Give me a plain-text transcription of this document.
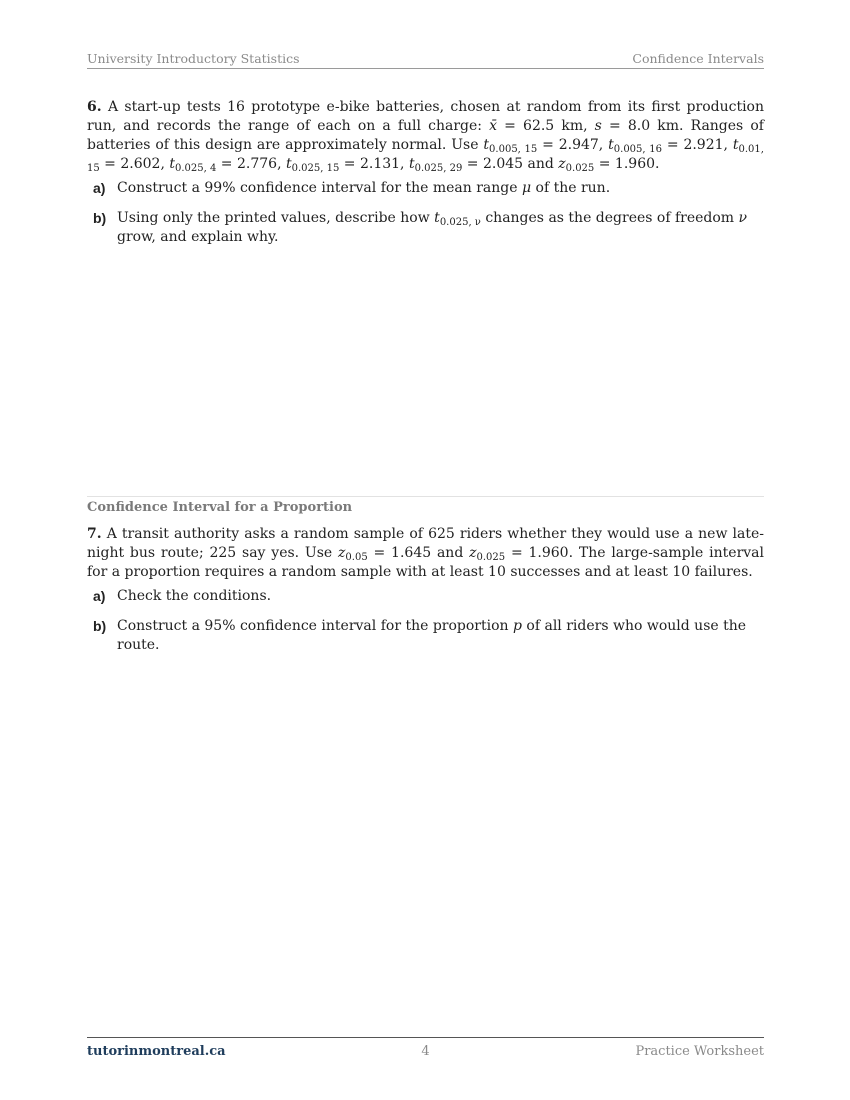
University Introductory Statistics	Confidence Intervals
6. A start-up tests 16 prototype e-bike batteries, chosen at random from its first production run, and records the range of each on a full charge: x̄ = 62.5 km, s = 8.0 km. Ranges of batteries of this design are approximately normal. Use $t_{0.005, 15} = 2.947$, $t_{0.005, 16} = 2.921$, $t_{0.01, 15} = 2.602$, $t_{0.025, 4} = 2.776$, $t_{0.025, 15} = 2.131$, $t_{0.025, 29} = 2.045$ and $z_{0.025} = 1.960$.
a) Construct a 99% confidence interval for the mean range μ of the run.
b) Using only the printed values, describe how $t_{0.025, \nu}$ changes as the degrees of freedom ν grow, and explain why.
Confidence Interval for a Proportion
7. A transit authority asks a random sample of 625 riders whether they would use a new late-night bus route; 225 say yes. Use $z_{0.05} = 1.645$ and $z_{0.025} = 1.960$. The large-sample interval for a proportion requires a random sample with at least 10 successes and at least 10 failures.
a) Check the conditions.
b) Construct a 95% confidence interval for the proportion p of all riders who would use the route.
tutorinmontreal.ca	4	Practice Worksheet
